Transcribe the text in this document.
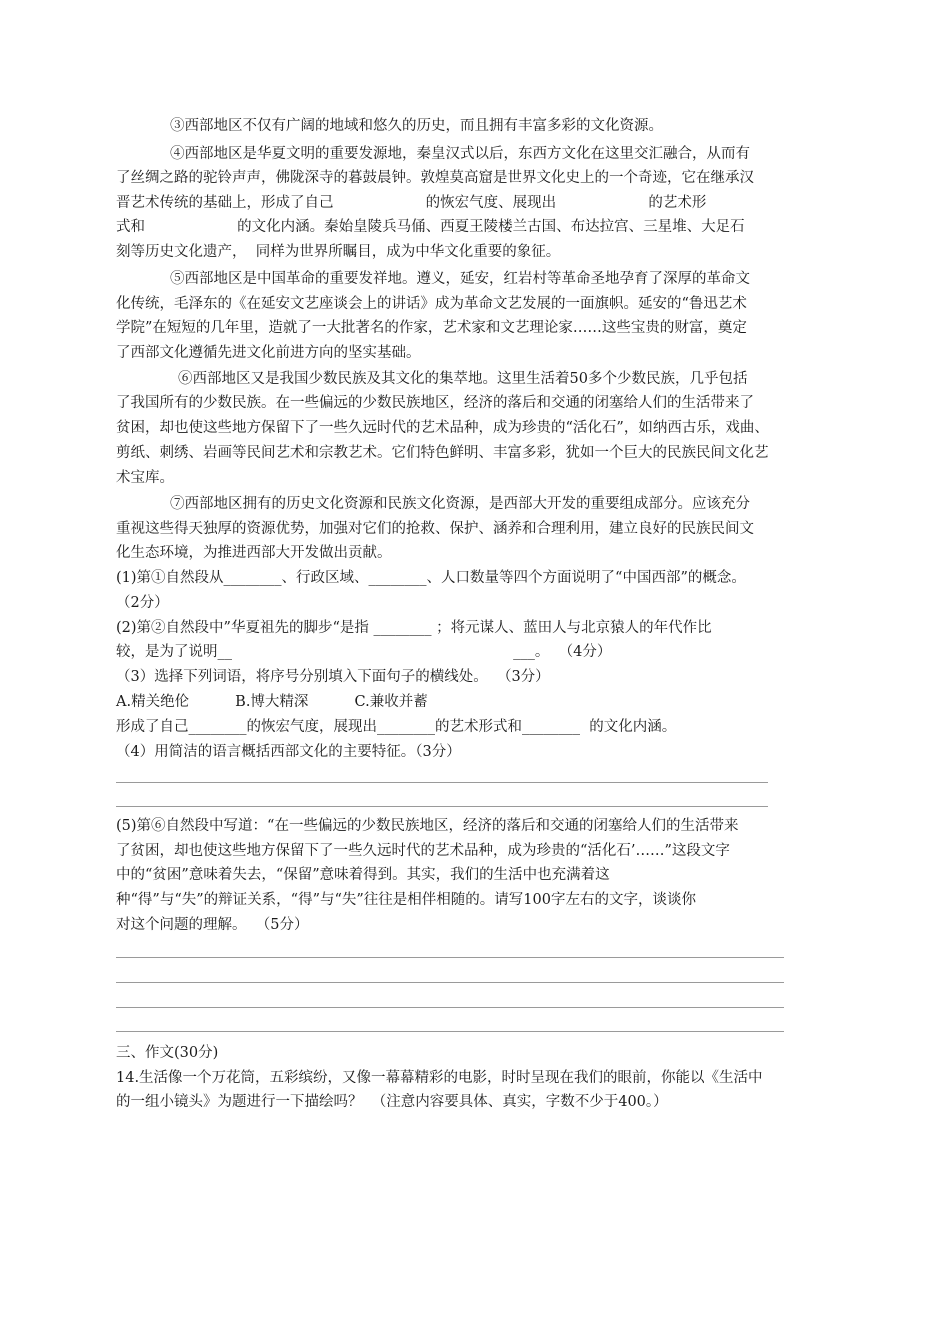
③西部地区不仅有广阔的地域和悠久的历史，而且拥有丰富多彩的文化资源。
④西部地区是华夏文明的重要发源地，秦皇汉式以后，东西方文化在这里交汇融合，从而有
了丝绸之路的驼铃声声，佛陇深寺的暮鼓晨钟。敦煌莫高窟是世界文化史上的一个奇迹，它在继承汉
晋艺术传统的基础上，形成了自己                    的恢宏气度、展现出                    的艺术形
式和                    的文化内涵。秦始皇陵兵马俑、西夏王陵楼兰古国、布达拉宫、三星堆、大足石
刻等历史文化遗产，  同样为世界所瞩目，成为中华文化重要的象征。
⑤西部地区是中国革命的重要发祥地。遵义，延安，红岩村等革命圣地孕育了深厚的革命文
化传统，毛泽东的《在延安文艺座谈会上的讲话》成为革命文艺发展的一面旗帜。延安的“鲁迅艺术
学院”在短短的几年里，造就了一大批著名的作家，艺术家和文艺理论家……这些宝贵的财富，奠定
了西部文化遵循先进文化前进方向的坚实基础。
⑥西部地区又是我国少数民族及其文化的集萃地。这里生活着50多个少数民族，几乎包括
了我国所有的少数民族。在一些偏远的少数民族地区，经济的落后和交通的闭塞给人们的生活带来了
贫困，却也使这些地方保留下了一些久远时代的艺术品种，成为珍贵的“活化石”，如纳西古乐，戏曲、
剪纸、刺绣、岩画等民间艺术和宗教艺术。它们特色鲜明、丰富多彩，犹如一个巨大的民族民间文化艺
术宝库。
⑦西部地区拥有的历史文化资源和民族文化资源，是西部大开发的重要组成部分。应该充分
重视这些得天独厚的资源优势，加强对它们的抢救、保护、涵养和合理利用，建立良好的民族民间文
化生态环境，为推进西部大开发做出贡献。
(1)第①自然段从________、行政区域、________、人口数量等四个方面说明了“中国西部”的概念。
（2分）
(2)第②自然段中”华夏祖先的脚步“是指 ________ ；将元谋人、蓝田人与北京猿人的年代作比
较，是为了说明__                                                             ___。  （4分）
（3）选择下列词语，将序号分别填入下面句子的横线处。  （3分）
A.精关绝伦          B.博大精深          C.兼收并蓄
形成了自己________的恢宏气度，展现出________的艺术形式和________  的文化内涵。
（4）用简洁的语言概括西部文化的主要特征。（3分）
(5)第⑥自然段中写道：“在一些偏远的少数民族地区，经济的落后和交通的闭塞给人们的生活带来
了贫困，却也使这些地方保留下了一些久远时代的艺术品种，成为珍贵的“活化石’……”这段文字
中的“贫困”意味着失去，“保留”意味着得到。其实，我们的生活中也充满着这
种“得”与“失”的辩证关系，“得”与“失”往往是相伴相随的。请写100字左右的文字，谈谈你
对这个问题的理解。  （5分）
三、作文(30分)
14.生活像一个万花筒，五彩缤纷，又像一幕幕精彩的电影，时时呈现在我们的眼前，你能以《生活中
的一组小镜头》为题进行一下描绘吗？  （注意内容要具体、真实，字数不少于400。）
